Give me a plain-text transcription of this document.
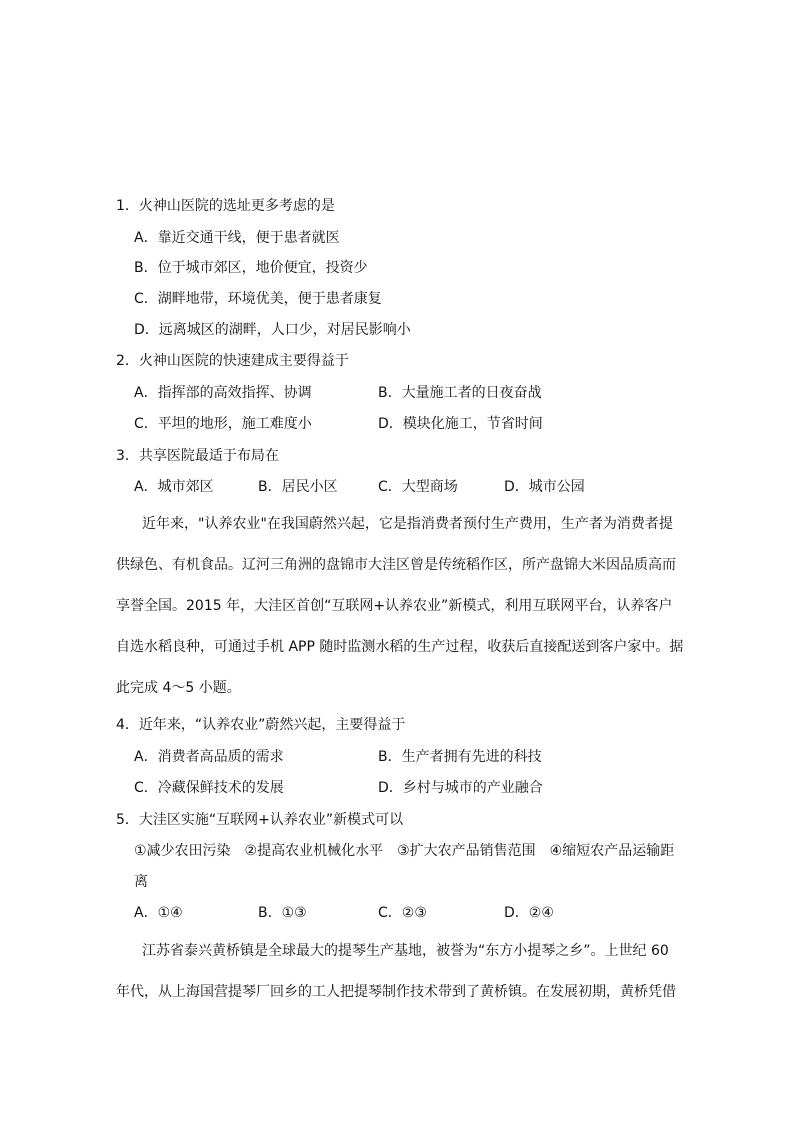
1．火神山医院的选址更多考虑的是
A．靠近交通干线，便于患者就医
B．位于城市郊区，地价便宜，投资少
C．湖畔地带，环境优美，便于患者康复
D．远离城区的湖畔，人口少，对居民影响小
2．火神山医院的快速建成主要得益于
A．指挥部的高效指挥、协调	B．大量施工者的日夜奋战
C．平坦的地形，施工难度小	D．模块化施工，节省时间
3．共享医院最适于布局在
A．城市郊区	B．居民小区	C．大型商场	D．城市公园
近年来，"认养农业"在我国蔚然兴起，它是指消费者预付生产费用，生产者为消费者提
供绿色、有机食品。辽河三角洲的盘锦市大洼区曾是传统稻作区，所产盘锦大米因品质高而
享誉全国。2015 年，大洼区首创“互联网+认养农业”新模式，利用互联网平台，认养客户
自选水稻良种，可通过手机 APP 随时监测水稻的生产过程，收获后直接配送到客户家中。据
此完成 4～5 小题。
4．近年来，“认养农业”蔚然兴起，主要得益于
A．消费者高品质的需求	B．生产者拥有先进的科技
C．冷藏保鲜技术的发展	D．乡村与城市的产业融合
5．大洼区实施“互联网+认养农业”新模式可以
①减少农田污染　②提高农业机械化水平　③扩大农产品销售范围　④缩短农产品运输距
离
A．①④	B．①③	C．②③	D．②④
江苏省泰兴黄桥镇是全球最大的提琴生产基地，被誉为“东方小提琴之乡”。上世纪 60
年代，从上海国营提琴厂回乡的工人把提琴制作技术带到了黄桥镇。在发展初期，黄桥凭借
